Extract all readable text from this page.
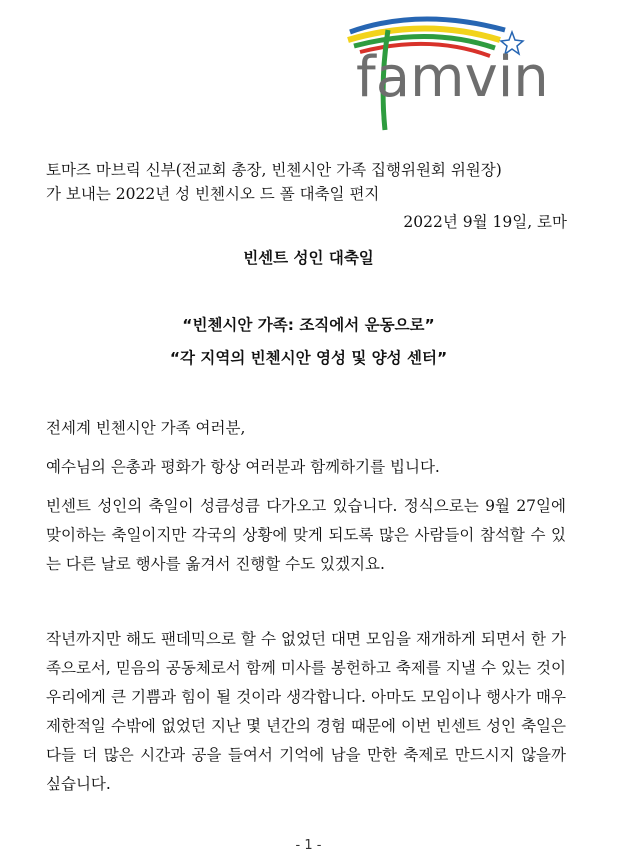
famvin
토마즈 마브릭 신부(전교회 총장, 빈첸시안 가족 집행위원회 위원장)
가 보내는 2022년 성 빈첸시오 드 폴 대축일 편지
2022년 9월 19일, 로마
빈센트 성인 대축일
“빈첸시안 가족: 조직에서 운동으로”
“각 지역의 빈첸시안 영성 및 양성 센터”
전세계 빈첸시안 가족 여러분,
예수님의 은총과 평화가 항상 여러분과 함께하기를 빕니다.
빈센트 성인의 축일이 성큼성큼 다가오고 있습니다. 정식으로는 9월 27일에 맞이하는 축일이지만 각국의 상황에 맞게 되도록 많은 사람들이 참석할 수 있는 다른 날로 행사를 옮겨서 진행할 수도 있겠지요.
작년까지만 해도 팬데믹으로 할 수 없었던 대면 모임을 재개하게 되면서 한 가족으로서, 믿음의 공동체로서 함께 미사를 봉헌하고 축제를 지낼 수 있는 것이 우리에게 큰 기쁨과 힘이 될 것이라 생각합니다. 아마도 모임이나 행사가 매우 제한적일 수밖에 없었던 지난 몇 년간의 경험 때문에 이번 빈센트 성인 축일은 다들 더 많은 시간과 공을 들여서 기억에 남을 만한 축제로 만드시지 않을까 싶습니다.
- 1 -
